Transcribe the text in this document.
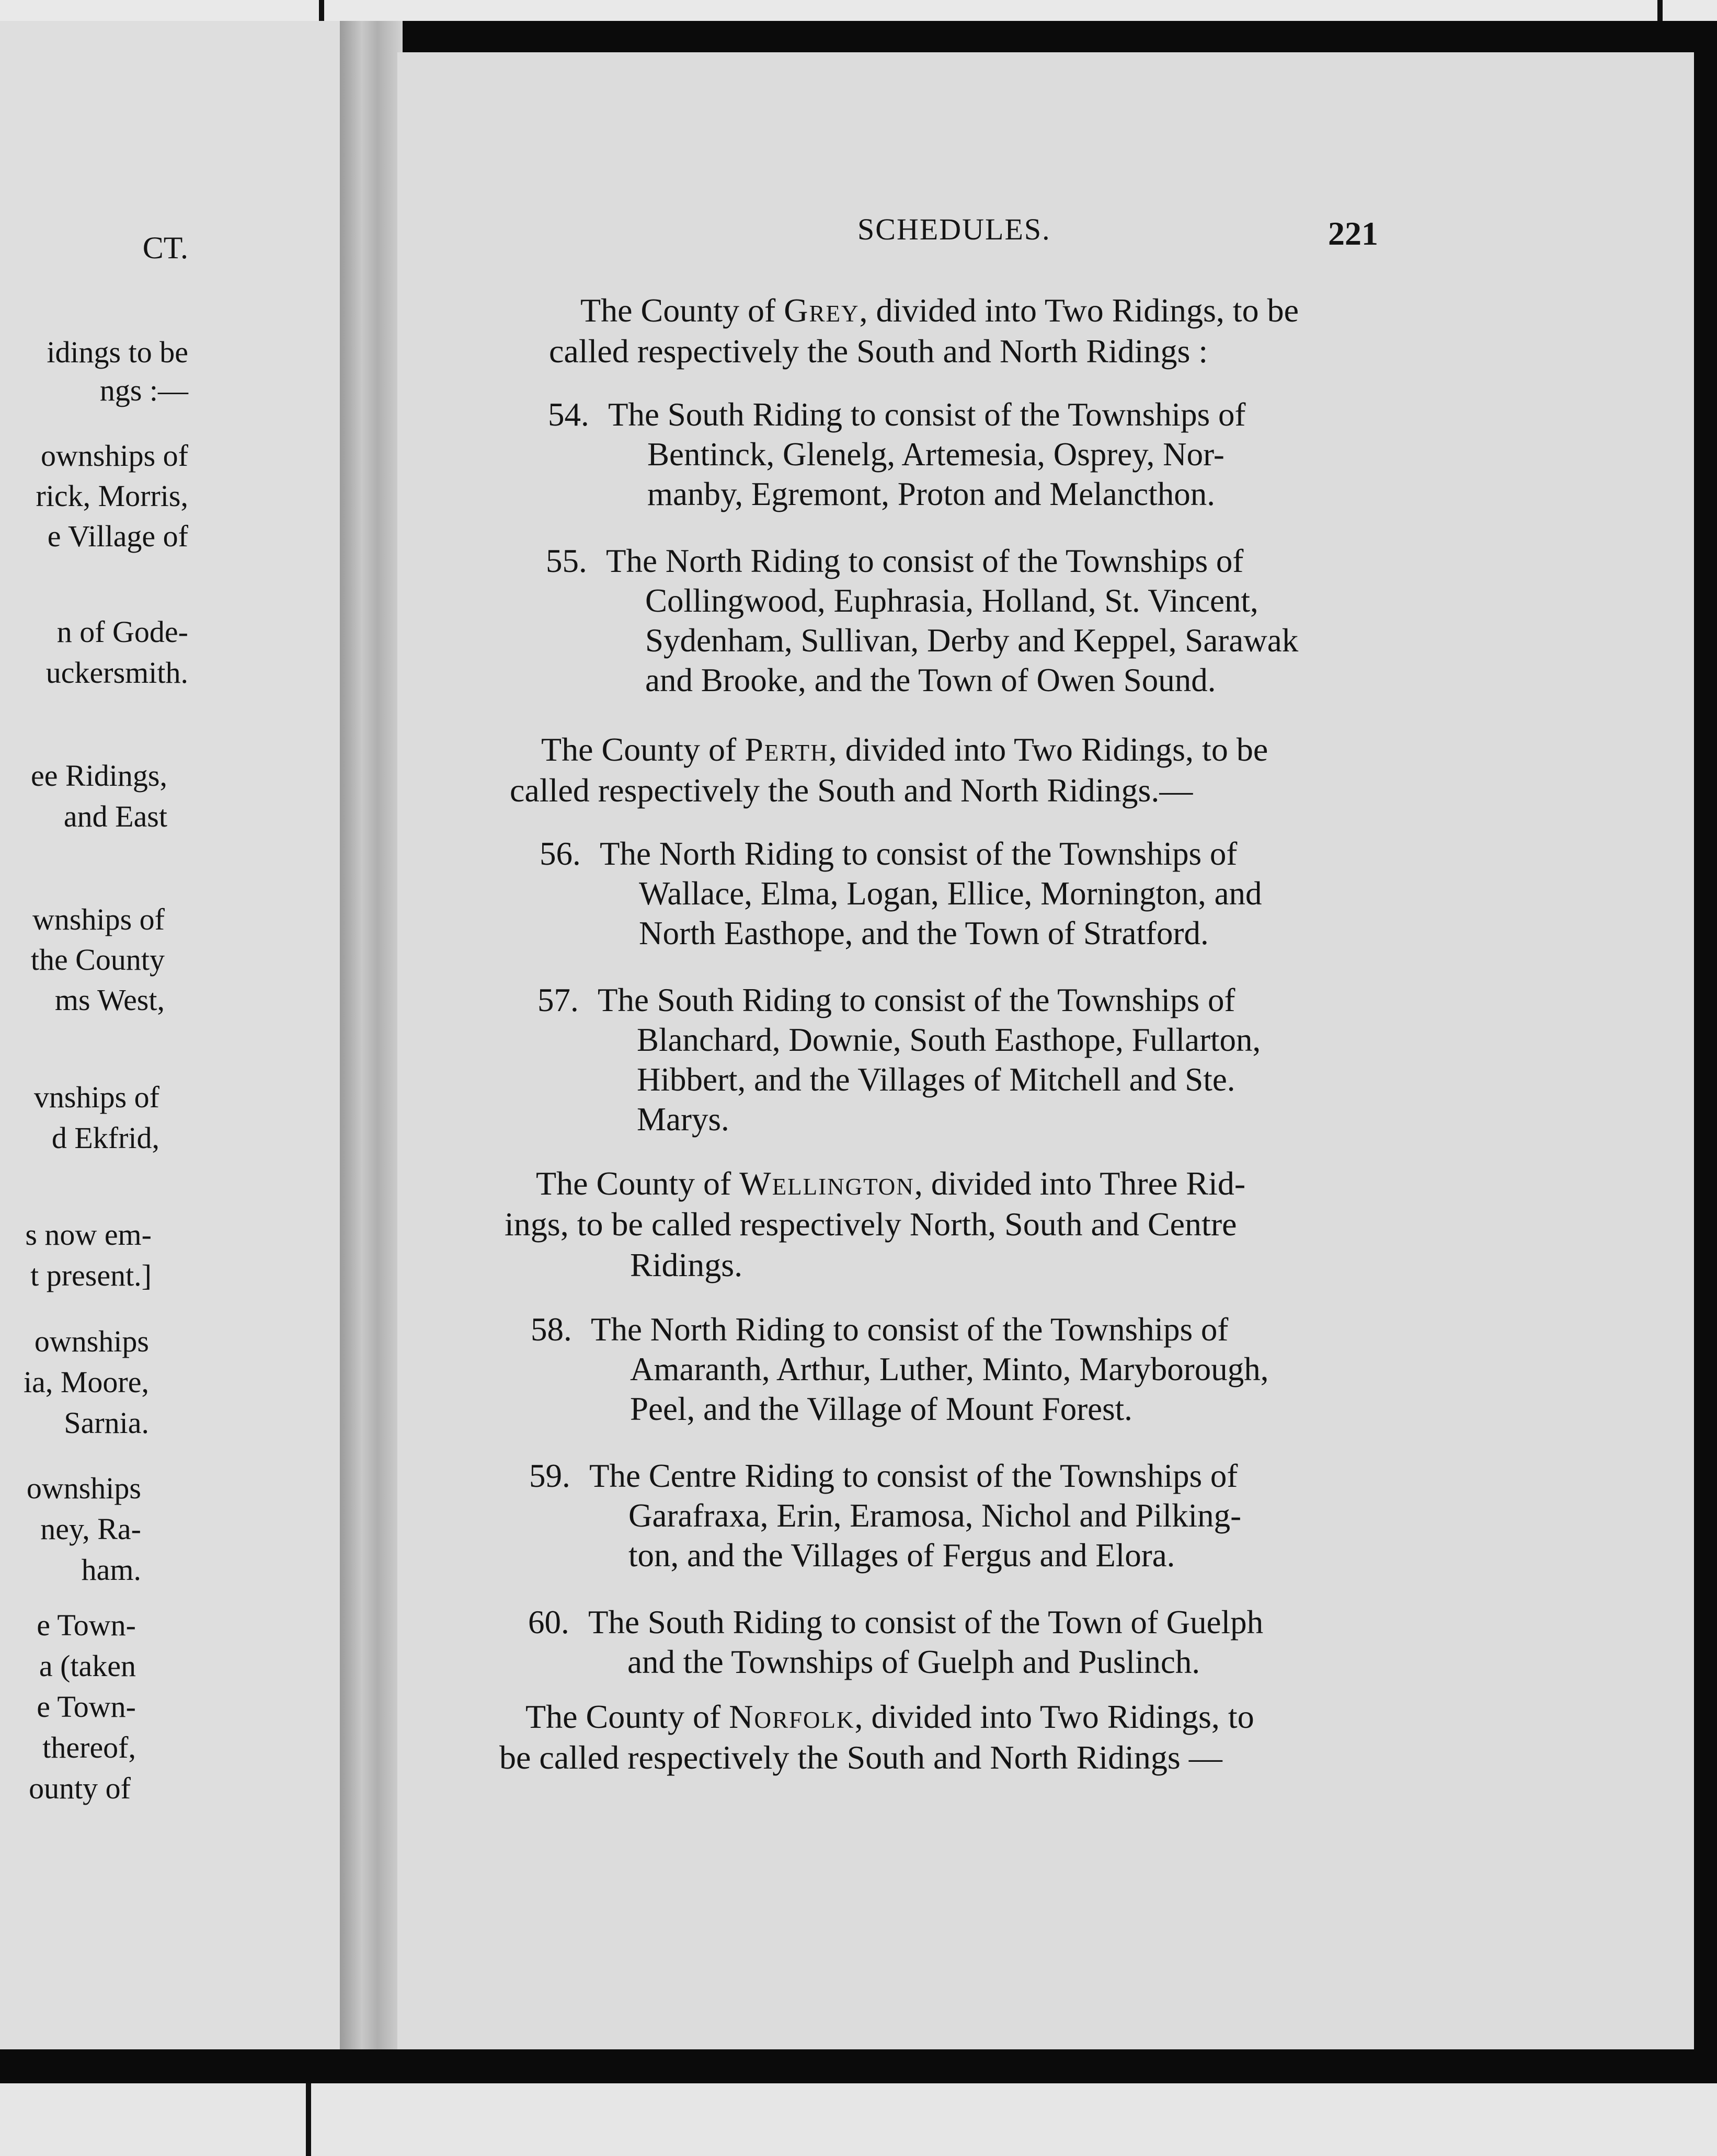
CT.
idings to be
ngs :—
ownships of
rick, Morris,
e Village of
n of Gode-
uckersmith.
ee Ridings,
and East
wnships of
the County
ms West,
vnships of
d Ekfrid,
s now em-
t present.]
ownships
ia, Moore,
Sarnia.
ownships
ney, Ra-
ham.
e Town-
a (taken
e Town-
thereof,
ounty of
SCHEDULES.	221
The County of Grey, divided into Two Ridings, to be
called respectively the South and North Ridings :
54. The South Riding to consist of the Townships of
Bentinck, Glenelg, Artemesia, Osprey, Nor-
manby, Egremont, Proton and Melancthon.
55. The North Riding to consist of the Townships of
Collingwood, Euphrasia, Holland, St. Vincent,
Sydenham, Sullivan, Derby and Keppel, Sarawak
and Brooke, and the Town of Owen Sound.
The County of Perth, divided into Two Ridings, to be
called respectively the South and North Ridings.—
56. The North Riding to consist of the Townships of
Wallace, Elma, Logan, Ellice, Mornington, and
North Easthope, and the Town of Stratford.
57. The South Riding to consist of the Townships of
Blanchard, Downie, South Easthope, Fullarton,
Hibbert, and the Villages of Mitchell and Ste.
Marys.
The County of Wellington, divided into Three Rid-
ings, to be called respectively North, South and Centre
Ridings.
58. The North Riding to consist of the Townships of
Amaranth, Arthur, Luther, Minto, Maryborough,
Peel, and the Village of Mount Forest.
59. The Centre Riding to consist of the Townships of
Garafraxa, Erin, Eramosa, Nichol and Pilking-
ton, and the Villages of Fergus and Elora.
60. The South Riding to consist of the Town of Guelph
and the Townships of Guelph and Puslinch.
The County of Norfolk, divided into Two Ridings, to
be called respectively the South and North Ridings —
